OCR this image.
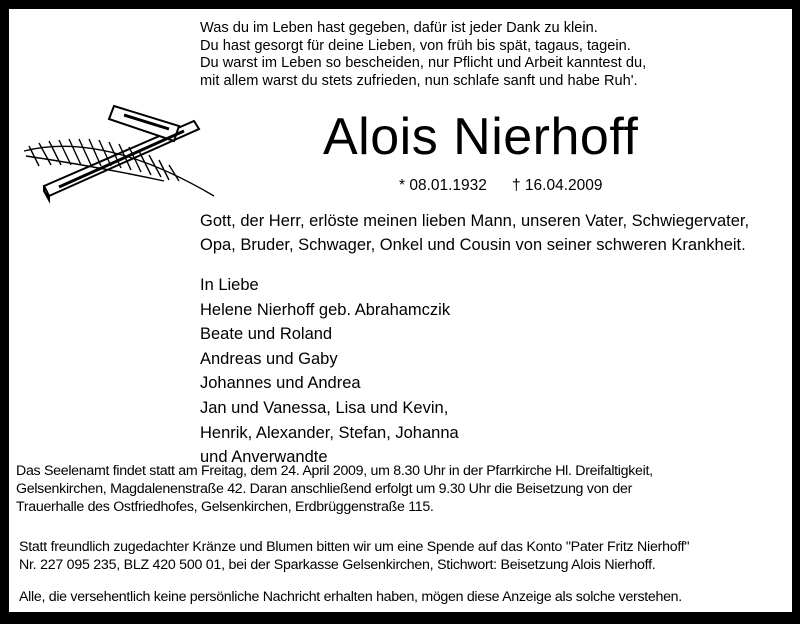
Was du im Leben hast gegeben, dafür ist jeder Dank zu klein.
Du hast gesorgt für deine Lieben, von früh bis spät, tagaus, tagein.
Du warst im Leben so bescheiden, nur Pflicht und Arbeit kanntest du,
mit allem warst du stets zufrieden, nun schlafe sanft und habe Ruh'.
Alois Nierhoff
* 08.01.1932 † 16.04.2009
Gott, der Herr, erlöste meinen lieben Mann, unseren Vater, Schwiegervater,
Opa, Bruder, Schwager, Onkel und Cousin von seiner schweren Krankheit.
In Liebe
Helene Nierhoff geb. Abrahamczik
Beate und Roland
Andreas und Gaby
Johannes und Andrea
Jan und Vanessa, Lisa und Kevin,
Henrik, Alexander, Stefan, Johanna
und Anverwandte
Das Seelenamt findet statt am Freitag, dem 24. April 2009, um 8.30 Uhr in der Pfarrkirche Hl. Dreifaltigkeit,
Gelsenkirchen, Magdalenenstraße 42. Daran anschließend erfolgt um 9.30 Uhr die Beisetzung von der
Trauerhalle des Ostfriedhofes, Gelsenkirchen, Erdbrüggenstraße 115.
Statt freundlich zugedachter Kränze und Blumen bitten wir um eine Spende auf das Konto "Pater Fritz Nierhoff"
Nr. 227 095 235, BLZ 420 500 01, bei der Sparkasse Gelsenkirchen, Stichwort: Beisetzung Alois Nierhoff.
Alle, die versehentlich keine persönliche Nachricht erhalten haben, mögen diese Anzeige als solche verstehen.
